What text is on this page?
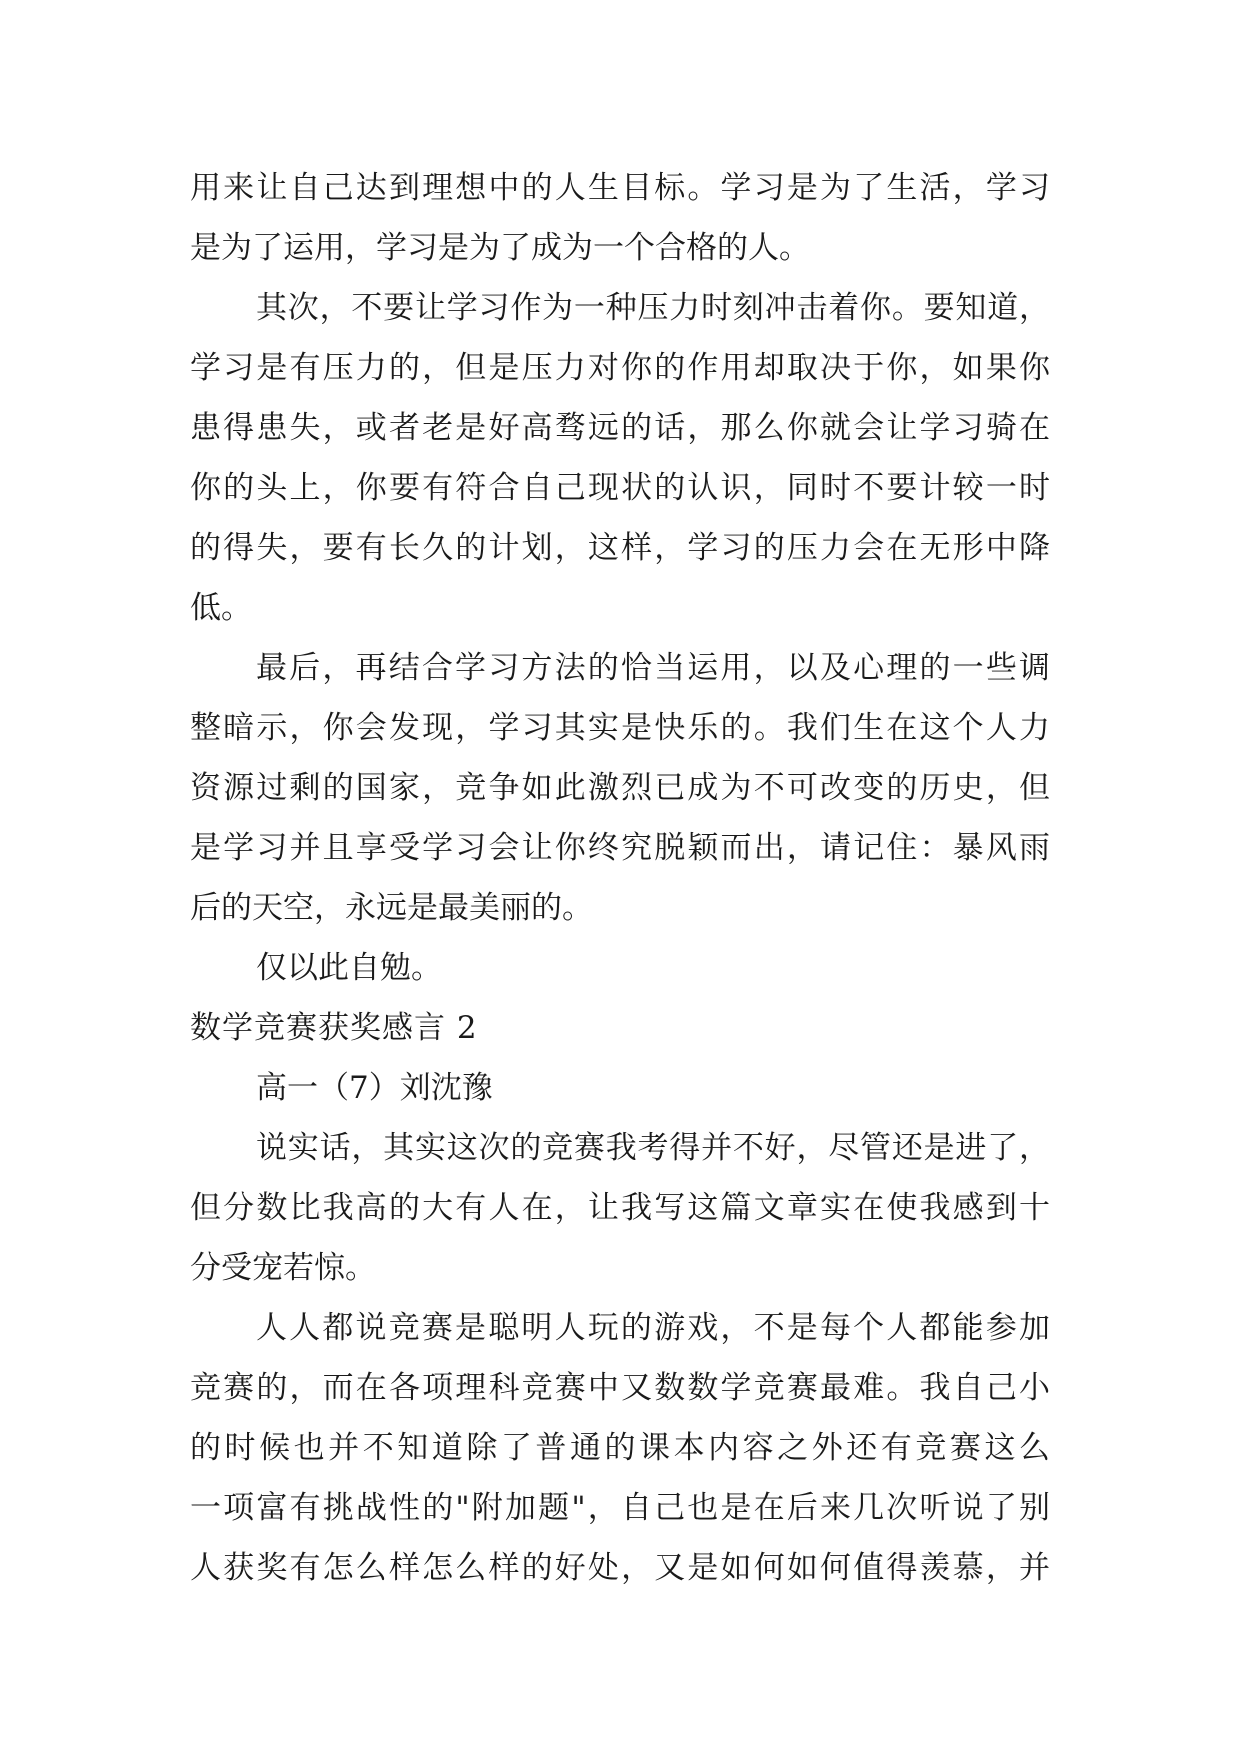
用来让自己达到理想中的人生目标。学习是为了生活，学习
是为了运用，学习是为了成为一个合格的人。
其次，不要让学习作为一种压力时刻冲击着你。要知道，
学习是有压力的，但是压力对你的作用却取决于你，如果你
患得患失，或者老是好高骛远的话，那么你就会让学习骑在
你的头上，你要有符合自己现状的认识，同时不要计较一时
的得失，要有长久的计划，这样，学习的压力会在无形中降
低。
最后，再结合学习方法的恰当运用，以及心理的一些调
整暗示，你会发现，学习其实是快乐的。我们生在这个人力
资源过剩的国家，竞争如此激烈已成为不可改变的历史，但
是学习并且享受学习会让你终究脱颖而出，请记住：暴风雨
后的天空，永远是最美丽的。
仅以此自勉。
数学竞赛获奖感言 2
高一（7）刘沈豫
说实话，其实这次的竞赛我考得并不好，尽管还是进了，
但分数比我高的大有人在，让我写这篇文章实在使我感到十
分受宠若惊。
人人都说竞赛是聪明人玩的游戏，不是每个人都能参加
竞赛的，而在各项理科竞赛中又数数学竞赛最难。我自己小
的时候也并不知道除了普通的课本内容之外还有竞赛这么
一项富有挑战性的"附加题"，自己也是在后来几次听说了别
人获奖有怎么样怎么样的好处，又是如何如何值得羡慕，并
